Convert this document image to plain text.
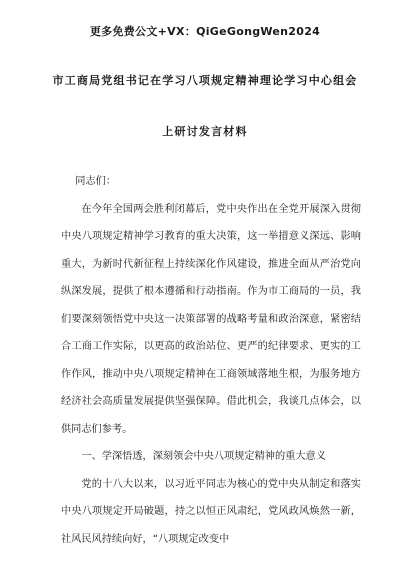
更多免费公文+VX：QiGeGongWen2024
市工商局党组书记在学习八项规定精神理论学习中心组会
上研讨发言材料

同志们：

在今年全国两会胜利闭幕后，党中央作出在全党开展深入贯彻中央八项规定精神学习教育的重大决策，这一举措意义深远、影响重大，为新时代新征程上持续深化作风建设，推进全面从严治党向纵深发展，提供了根本遵循和行动指南。作为市工商局的一员，我们要深刻领悟党中央这一决策部署的战略考量和政治深意，紧密结合工商工作实际，以更高的政治站位、更严的纪律要求、更实的工作作风，推动中央八项规定精神在工商领域落地生根，为服务地方经济社会高质量发展提供坚强保障。借此机会，我谈几点体会，以供同志们参考。

一、学深悟透，深刻领会中央八项规定精神的重大意义

党的十八大以来，以习近平同志为核心的党中央从制定和落实中央八项规定开局破题，持之以恒正风肃纪，党风政风焕然一新，社风民风持续向好，“八项规定改变中
